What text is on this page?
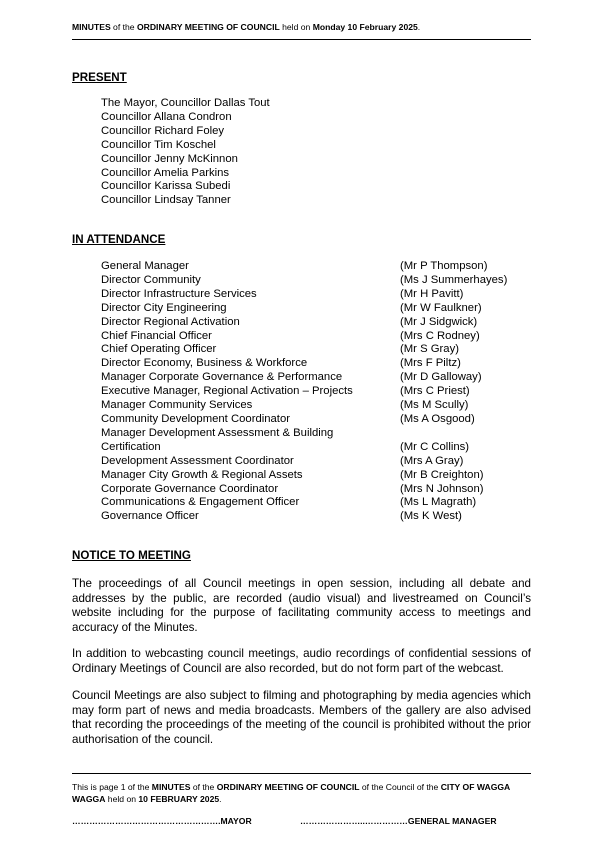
MINUTES of the ORDINARY MEETING OF COUNCIL held on Monday 10 February 2025.
PRESENT
The Mayor, Councillor Dallas Tout
Councillor Allana Condron
Councillor Richard Foley
Councillor Tim Koschel
Councillor Jenny McKinnon
Councillor Amelia Parkins
Councillor Karissa Subedi
Councillor Lindsay Tanner
IN ATTENDANCE
General Manager	(Mr P Thompson)
Director Community	(Ms J Summerhayes)
Director Infrastructure Services	(Mr H Pavitt)
Director City Engineering	(Mr W Faulkner)
Director Regional Activation	(Mr J Sidgwick)
Chief Financial Officer	(Mrs C Rodney)
Chief Operating Officer	(Mr S Gray)
Director Economy, Business & Workforce	(Mrs F Piltz)
Manager Corporate Governance & Performance	(Mr D Galloway)
Executive Manager, Regional Activation – Projects	(Mrs C Priest)
Manager Community Services	(Ms M Scully)
Community Development Coordinator	(Ms A Osgood)
Manager Development Assessment & Building
Certification	(Mr C Collins)
Development Assessment Coordinator	(Mrs A Gray)
Manager City Growth & Regional Assets	(Mr B Creighton)
Corporate Governance Coordinator	(Mrs N Johnson)
Communications & Engagement Officer	(Ms L Magrath)
Governance Officer	(Ms K West)
NOTICE TO MEETING
The proceedings of all Council meetings in open session, including all debate and addresses by the public, are recorded (audio visual) and livestreamed on Council’s website including for the purpose of facilitating community access to meetings and accuracy of the Minutes.
In addition to webcasting council meetings, audio recordings of confidential sessions of Ordinary Meetings of Council are also recorded, but do not form part of the webcast.
Council Meetings are also subject to filming and photographing by media agencies which may form part of news and media broadcasts. Members of the gallery are also advised that recording the proceedings of the meeting of the council is prohibited without the prior authorisation of the council.
This is page 1 of the MINUTES of the ORDINARY MEETING OF COUNCIL of the Council of the CITY OF WAGGA WAGGA held on 10 FEBRUARY 2025.
…………………………………………….MAYOR	…………………..……………GENERAL MANAGER
